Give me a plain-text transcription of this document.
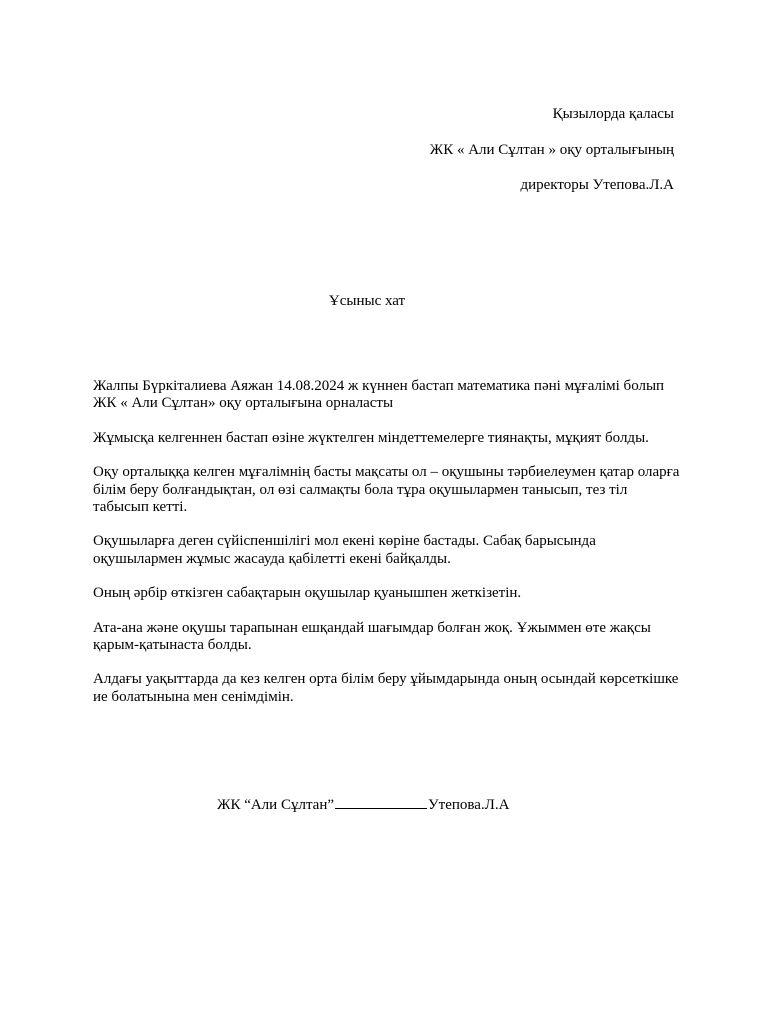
Қызылорда қаласы
ЖК « Али Сұлтан » оқу орталығының
директоры Утепова.Л.А
Ұсыныс хат

Жалпы Бүркіталиева Аяжан 14.08.2024 ж күннен бастап математика пәні мұғалімі болып ЖК « Али Сұлтан» оқу орталығына орналасты

Жұмысқа келгеннен бастап өзіне жүктелген міндеттемелерге тиянақты, мұқият болды.

Оқу орталыққа келген мұғалімнің басты мақсаты ол – оқушыны тәрбиелеумен қатар оларға білім беру болғандықтан, ол өзі салмақты бола тұра оқушылармен танысып, тез тіл табысып кетті.

Оқушыларға деген сүйіспеншілігі мол екені көріне бастады. Сабақ барысында оқушылармен жұмыс жасауда қабілетті екені байқалды.

Оның әрбір өткізген сабақтарын оқушылар қуанышпен жеткізетін.

Ата-ана және оқушы тарапынан ешқандай шағымдар болған жоқ. Ұжыммен өте жақсы қарым-қатынаста болды.

Алдағы уақыттарда да кез келген орта білім беру ұйымдарында оның осындай көрсеткішке ие болатынына мен сенімдімін.

ЖК “Али Сұлтан”	Утепова.Л.А
